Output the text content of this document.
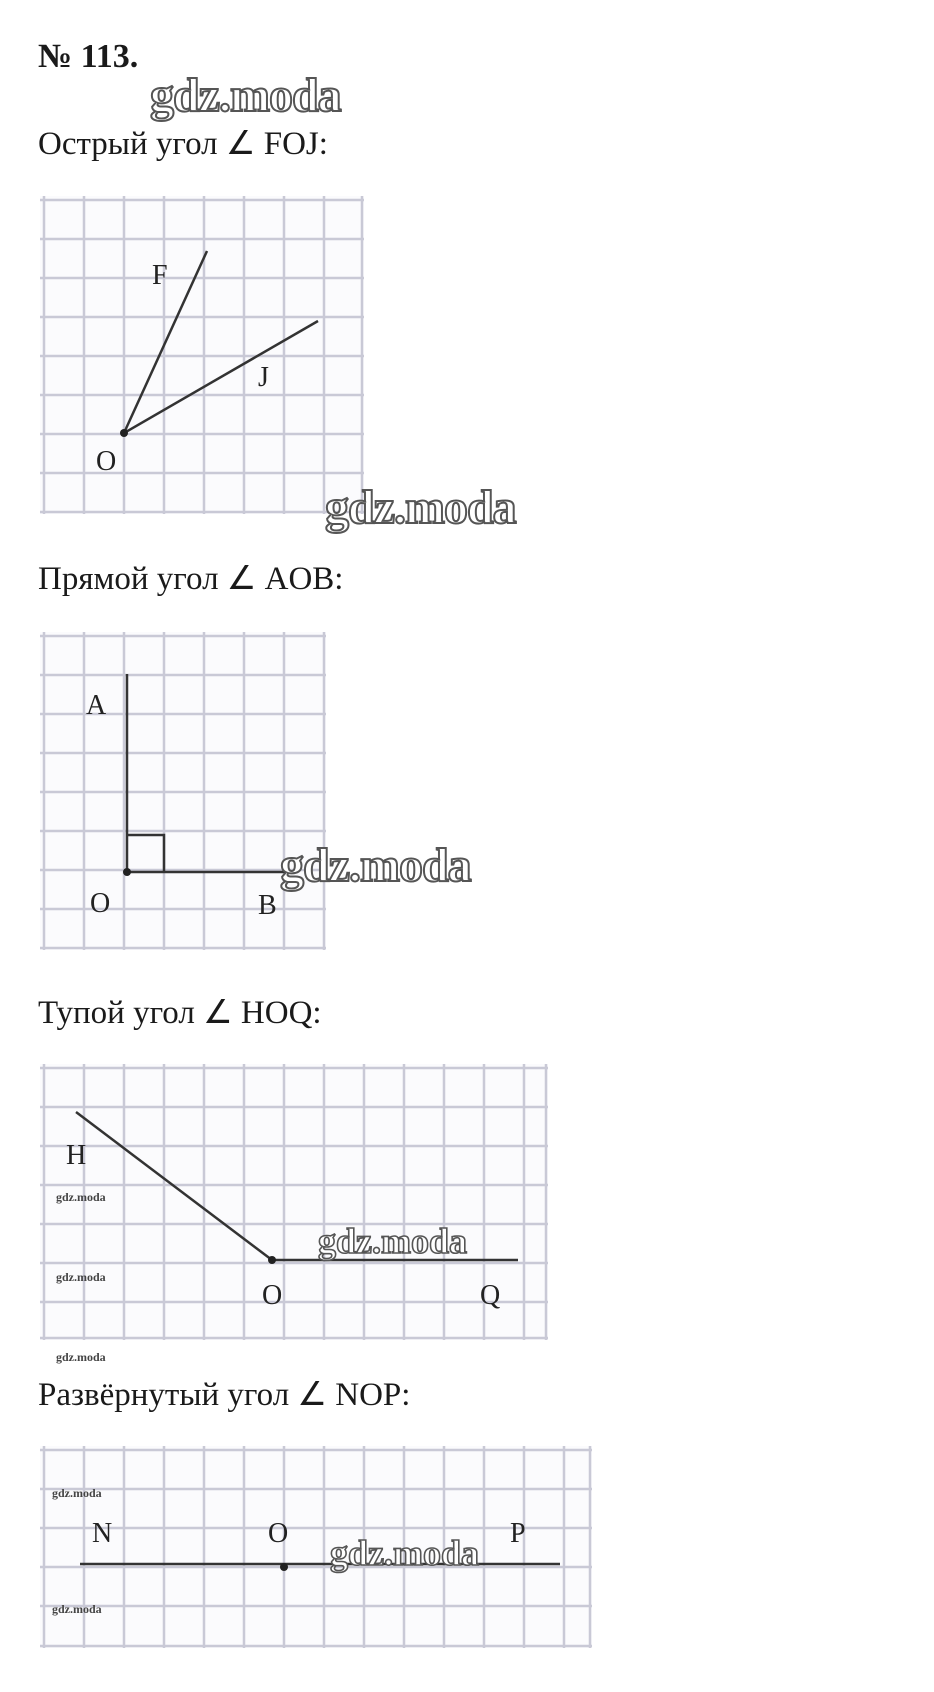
№ 113.
gdz.moda
Острый угол ∠ FOJ:
F
J
O
gdz.moda
Прямой угол ∠ AOB:
A
O	B
gdz.moda
Тупой угол ∠ HOQ:
H
O	Q
gdz.moda
gdz.moda
gdz.moda
gdz.moda
Развёрнутый угол ∠ NOP:
N	O	P
gdz.moda
gdz.moda
gdz.moda
